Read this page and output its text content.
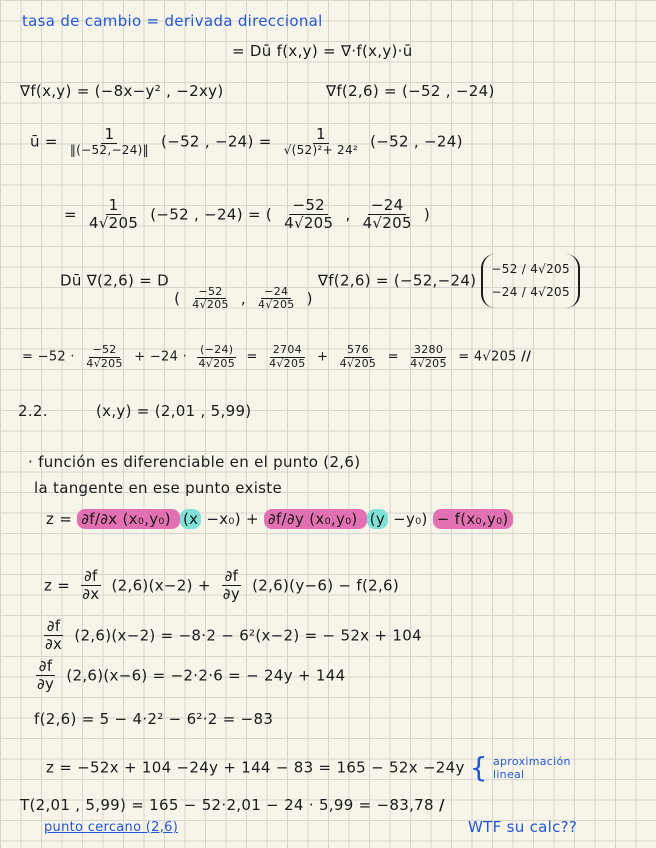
tasa de cambio = derivada direccional
= Dū f(x,y) = ∇·f(x,y)·ū
∇f(x,y) = (−8x−y² , −2xy)	∇f(2,6) = (−52 , −24)
ū = $\frac{1}{‖(-52,-24)‖} (-52$ , $-24) = \frac{1}{\text{√(52)²+ 24²}} (-52$ , −24)
= $\frac{1}{4√205} (-52$ , −24) = ( $\frac{-52}{4√205}$ , $\frac{-24}{4√205}$ )
Dū ∇(2,6) = D ( $\frac{-52}{4√205}$ , $\frac{-24}{4√205}$ ) ∇f(2,6) = (−52,−24)
−52 / 4√205
−24 / 4√205
= $-52 \cdot \frac{-52}{4√205} + -24 \cdot \frac{(-24)}{4√205} = \frac{2704}{4√205} + \frac{576}{4√205} = \frac{3280}{4√205} = 4√205$ //
2.2.	(x,y) = (2,01 , 5,99)
· función es diferenciable en el punto (2,6)
la tangente en ese punto existe
z = ∂f/∂x (x₀,y₀) (x −x₀) + ∂f/∂y (x₀,y₀) (y −y₀) − f(x₀,y₀)
$z = \frac{\partial f}{\partial x} (2,6)(x-2) + \frac{\partial f}{\partial y} (2,6)(y-6) - f(2,6)$
$\frac{\partial f}{\partial x} (2,6)(x-2) = -8\cdot 2 - 6^2(x-2)$ = − 52x + 104
$\frac{\partial f}{\partial y} (2,6)(x-6) = -2\cdot 2\cdot 6$ = − 24y + 144
f(2,6) = 5 − 4·2² − 6²·2 = −83
z = −52x + 104 −24y + 144 − 83 = 165 − 52x −24y { aproximación
lineal
T(2,01 , 5,99) = 165 − 52·2,01 − 24 · 5,99 = −83,78 /
punto cercano (2,6)	WTF su calc??
